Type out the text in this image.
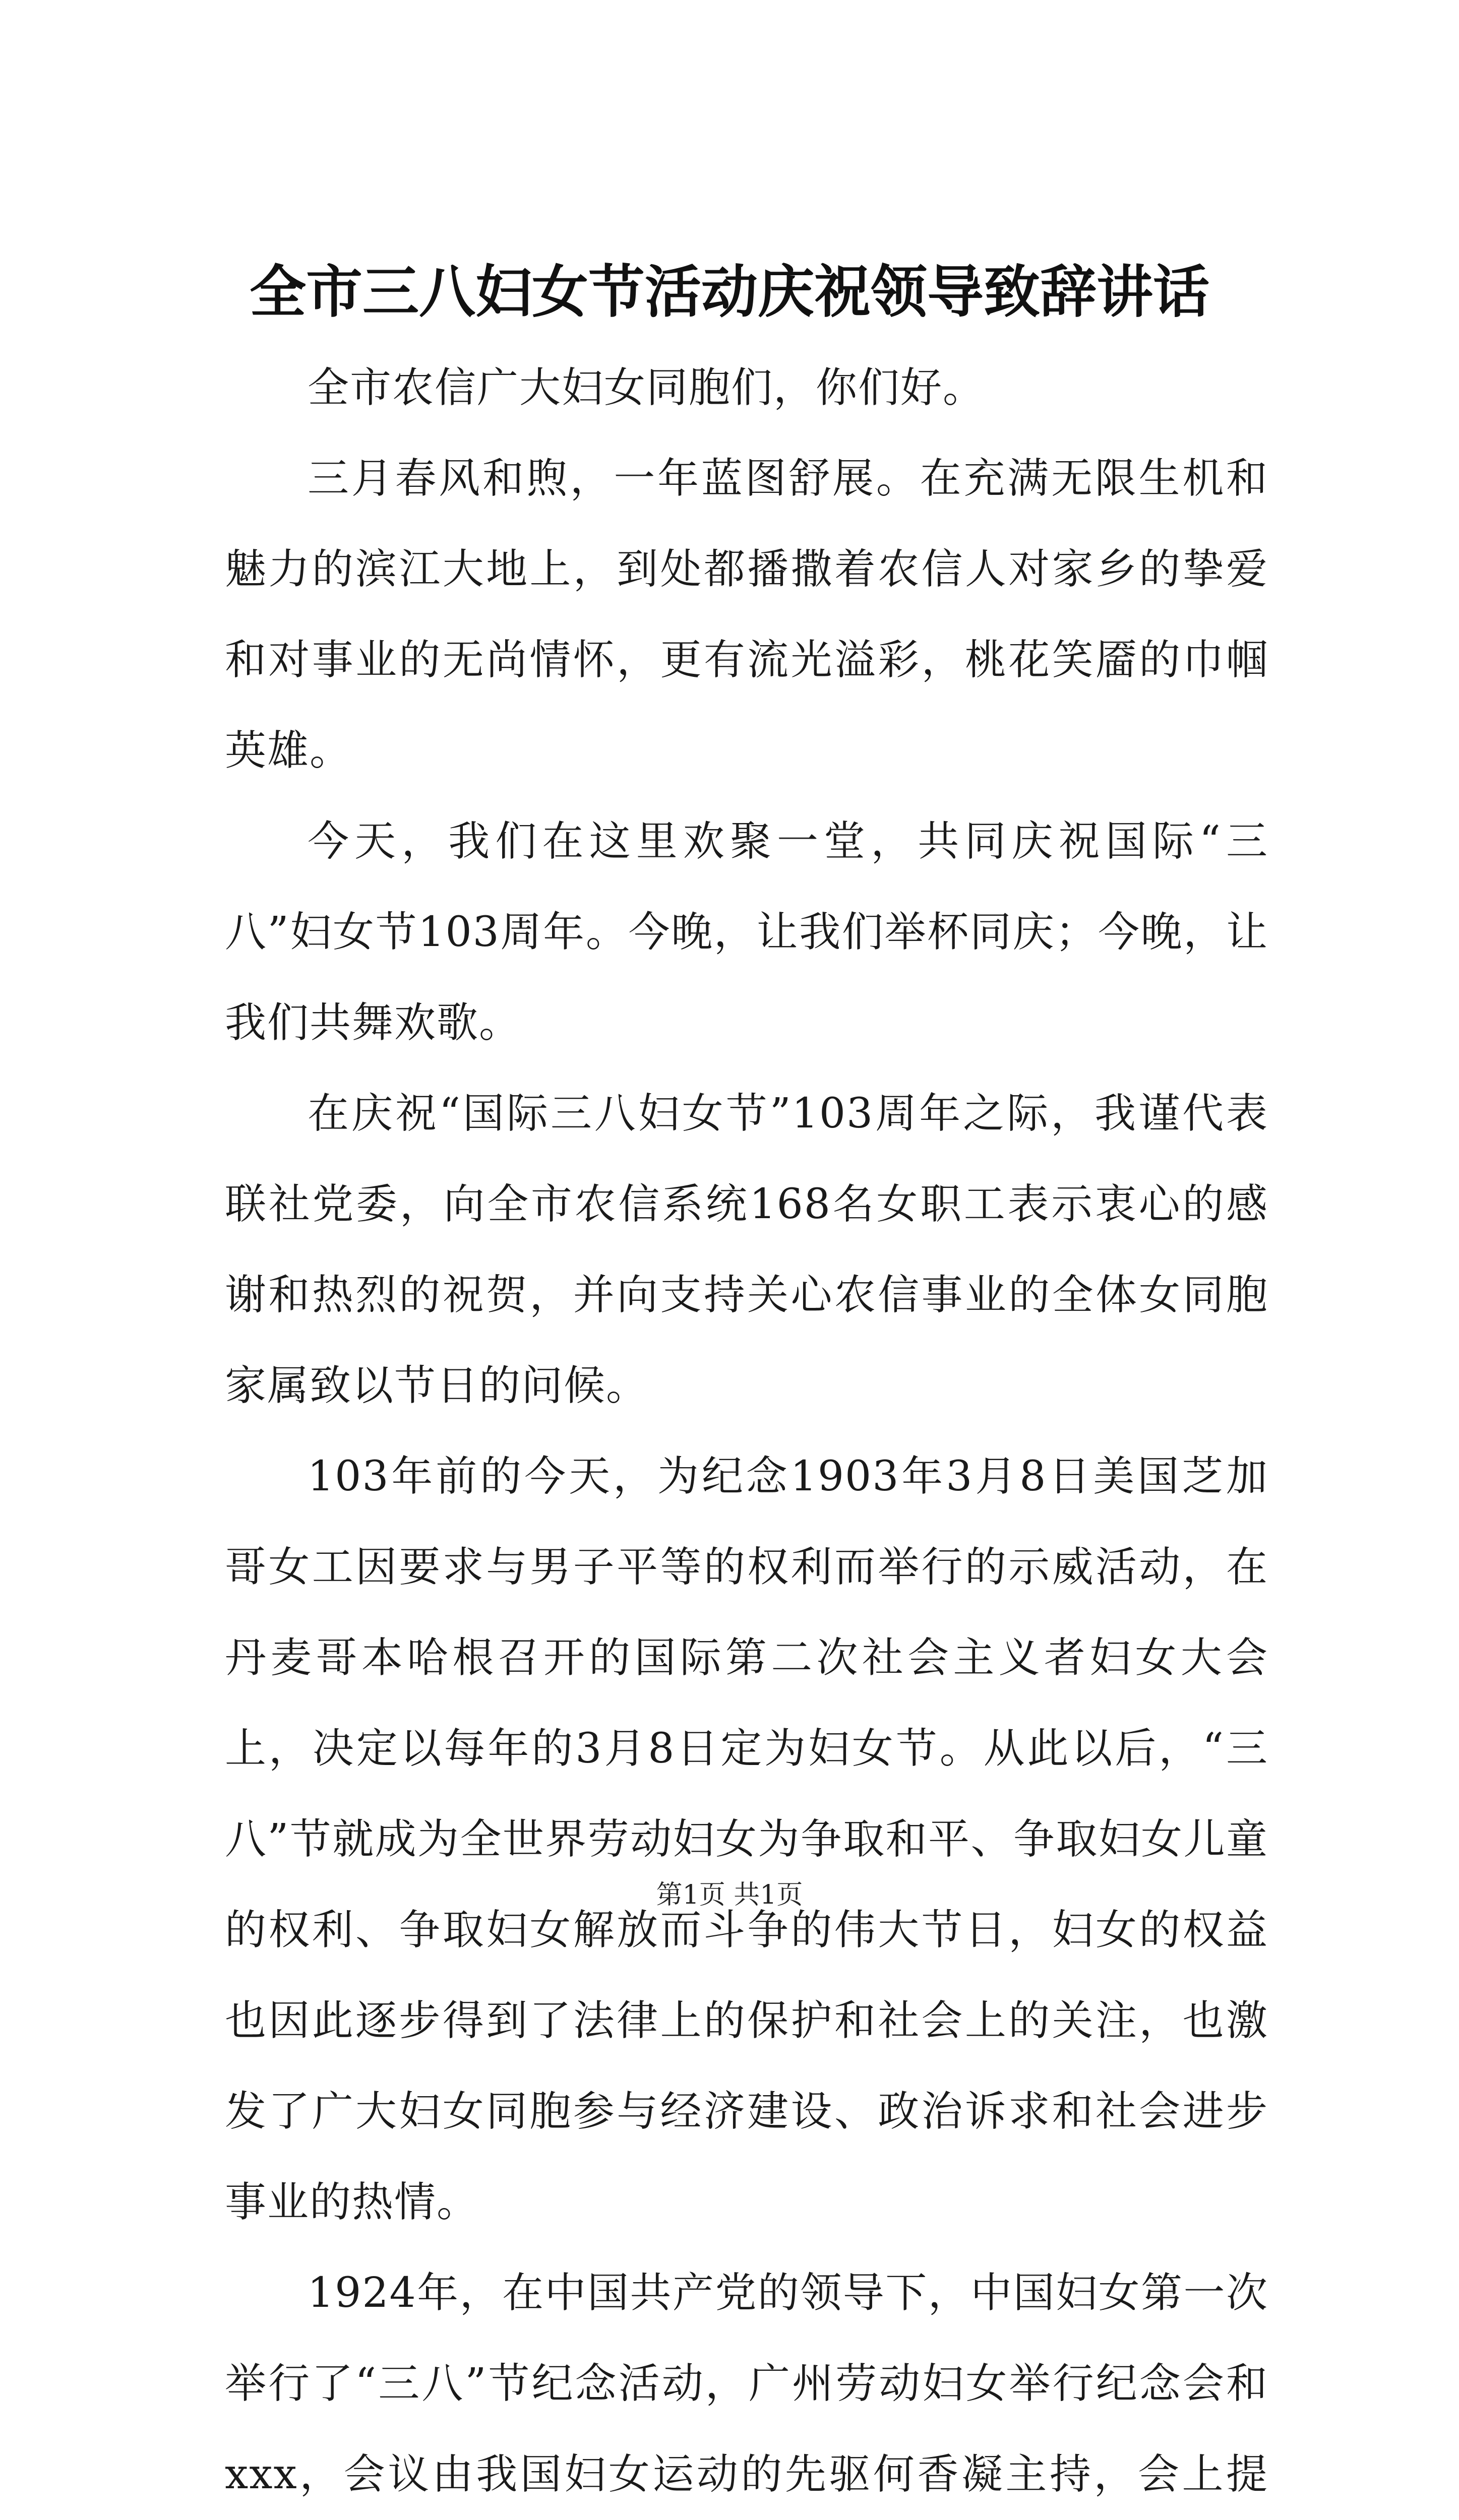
全市三八妇女节活动庆祝领导致辞讲话

全市农信广大妇女同胞们，你们好。

三月春风和煦，一年蓝图舒展。在充满无限生机和魅力的滨江大地上，到处都播撒着农信人对家乡的挚爱和对事业的无尚情怀，更有流光溢彩，桃花笑靥的巾帼英雄。

今天，我们在这里欢聚一堂，共同庆祝国际“三八”妇女节103周年。今晚，让我们举杯同庆；今晚，让我们共舞欢歌。

在庆祝“国际三八妇女节”103周年之际，我谨代表联社党委，向全市农信系统168名女职工表示衷心的感谢和热烈的祝贺，并向支持关心农信事业的全体女同胞家属致以节日的问候。

103年前的今天，为纪念1903年3月8日美国芝加哥女工因要求与男子平等的权利而举行的示威活动，在丹麦哥本哈根召开的国际第二次社会主义者妇女大会上，决定以每年的3月8日定为妇女节。从此以后，“三八”节就成为全世界劳动妇女为争取和平、争取妇女儿童的权利、争取妇女解放而斗争的伟大节日，妇女的权益也因此逐步得到了法律上的保护和社会上的关注，也激发了广大妇女同胞参与经济建设、政治诉求和社会进步事业的热情。

1924年，在中国共产党的领导下，中国妇女第一次举行了“三八”节纪念活动，广州劳动妇女举行纪念会和xxx，会议由我国妇女运动的先驱何香凝主持，会上提

第1页 共1页
